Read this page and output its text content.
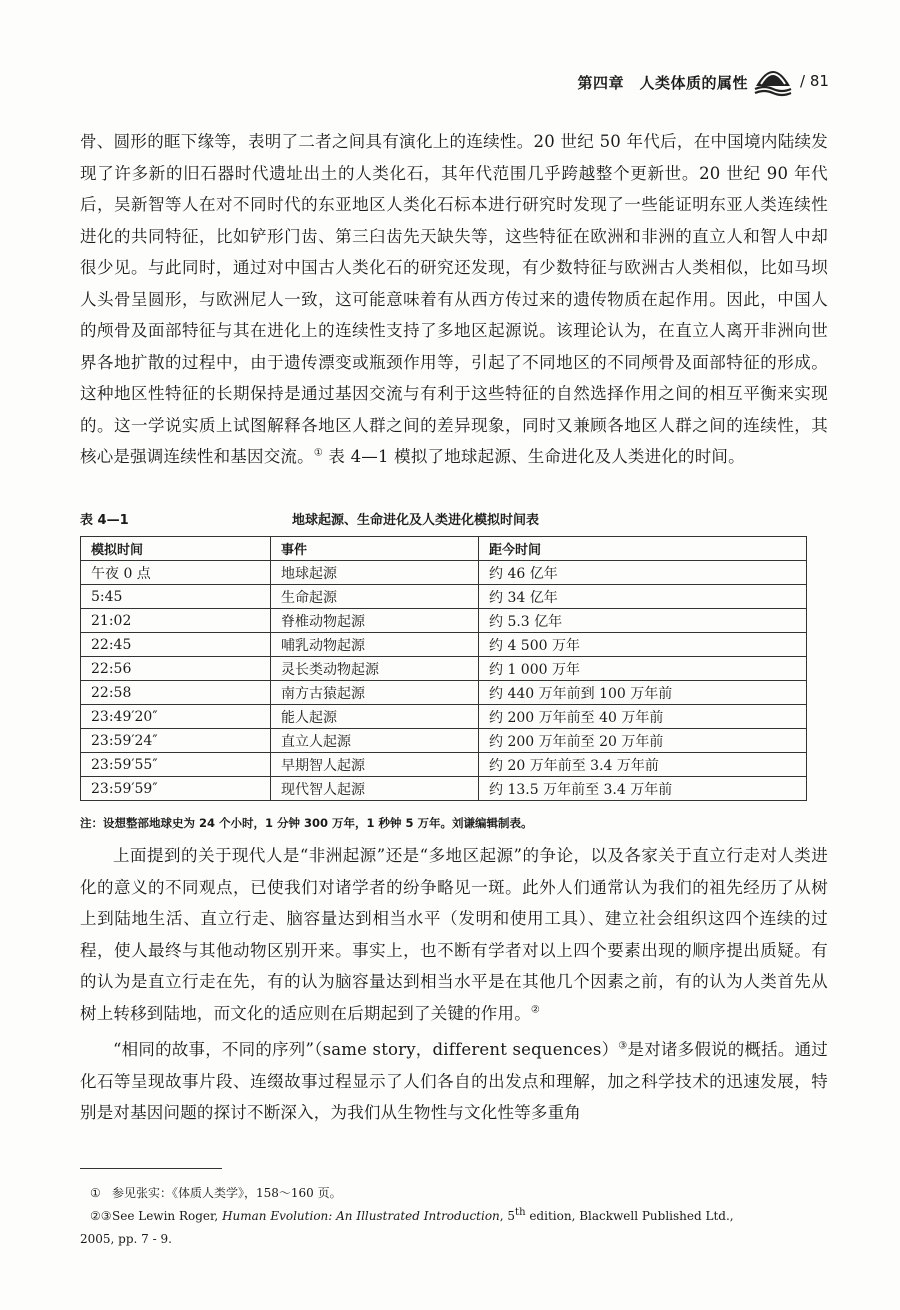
第四章　人类体质的属性	/ 81
骨、圆形的眶下缘等，表明了二者之间具有演化上的连续性。20 世纪 50 年代后，在中国境内陆续发现了许多新的旧石器时代遗址出土的人类化石，其年代范围几乎跨越整个更新世。20 世纪 90 年代后，吴新智等人在对不同时代的东亚地区人类化石标本进行研究时发现了一些能证明东亚人类连续性进化的共同特征，比如铲形门齿、第三臼齿先天缺失等，这些特征在欧洲和非洲的直立人和智人中却很少见。与此同时，通过对中国古人类化石的研究还发现，有少数特征与欧洲古人类相似，比如马坝人头骨呈圆形，与欧洲尼人一致，这可能意味着有从西方传过来的遗传物质在起作用。因此，中国人的颅骨及面部特征与其在进化上的连续性支持了多地区起源说。该理论认为，在直立人离开非洲向世界各地扩散的过程中，由于遗传漂变或瓶颈作用等，引起了不同地区的不同颅骨及面部特征的形成。这种地区性特征的长期保持是通过基因交流与有利于这些特征的自然选择作用之间的相互平衡来实现的。这一学说实质上试图解释各地区人群之间的差异现象，同时又兼顾各地区人群之间的连续性，其核心是强调连续性和基因交流。① 表 4—1 模拟了地球起源、生命进化及人类进化的时间。
表 4—1	地球起源、生命进化及人类进化模拟时间表
模拟时间	事件	距今时间
午夜 0 点	地球起源	约 46 亿年
5:45	生命起源	约 34 亿年
21:02	脊椎动物起源	约 5.3 亿年
22:45	哺乳动物起源	约 4 500 万年
22:56	灵长类动物起源	约 1 000 万年
22:58	南方古猿起源	约 440 万年前到 100 万年前
23:49′20″	能人起源	约 200 万年前至 40 万年前
23:59′24″	直立人起源	约 200 万年前至 20 万年前
23:59′55″	早期智人起源	约 20 万年前至 3.4 万年前
23:59′59″	现代智人起源	约 13.5 万年前至 3.4 万年前
注：设想整部地球史为 24 个小时，1 分钟 300 万年，1 秒钟 5 万年。刘谦编辑制表。
上面提到的关于现代人是“非洲起源”还是“多地区起源”的争论，以及各家关于直立行走对人类进化的意义的不同观点，已使我们对诸学者的纷争略见一斑。此外人们通常认为我们的祖先经历了从树上到陆地生活、直立行走、脑容量达到相当水平（发明和使用工具）、建立社会组织这四个连续的过程，使人最终与其他动物区别开来。事实上，也不断有学者对以上四个要素出现的顺序提出质疑。有的认为是直立行走在先，有的认为脑容量达到相当水平是在其他几个因素之前，有的认为人类首先从树上转移到陆地，而文化的适应则在后期起到了关键的作用。②
“相同的故事，不同的序列”（same story，different sequences）③是对诸多假说的概括。通过化石等呈现故事片段、连缀故事过程显示了人们各自的出发点和理解，加之科学技术的迅速发展，特别是对基因问题的探讨不断深入，为我们从生物性与文化性等多重角
① 参见张实：《体质人类学》，158～160 页。
②③See Lewin Roger, Human Evolution: An Illustrated Introduction, 5th edition, Blackwell Published Ltd.,
2005, pp. 7 - 9.
